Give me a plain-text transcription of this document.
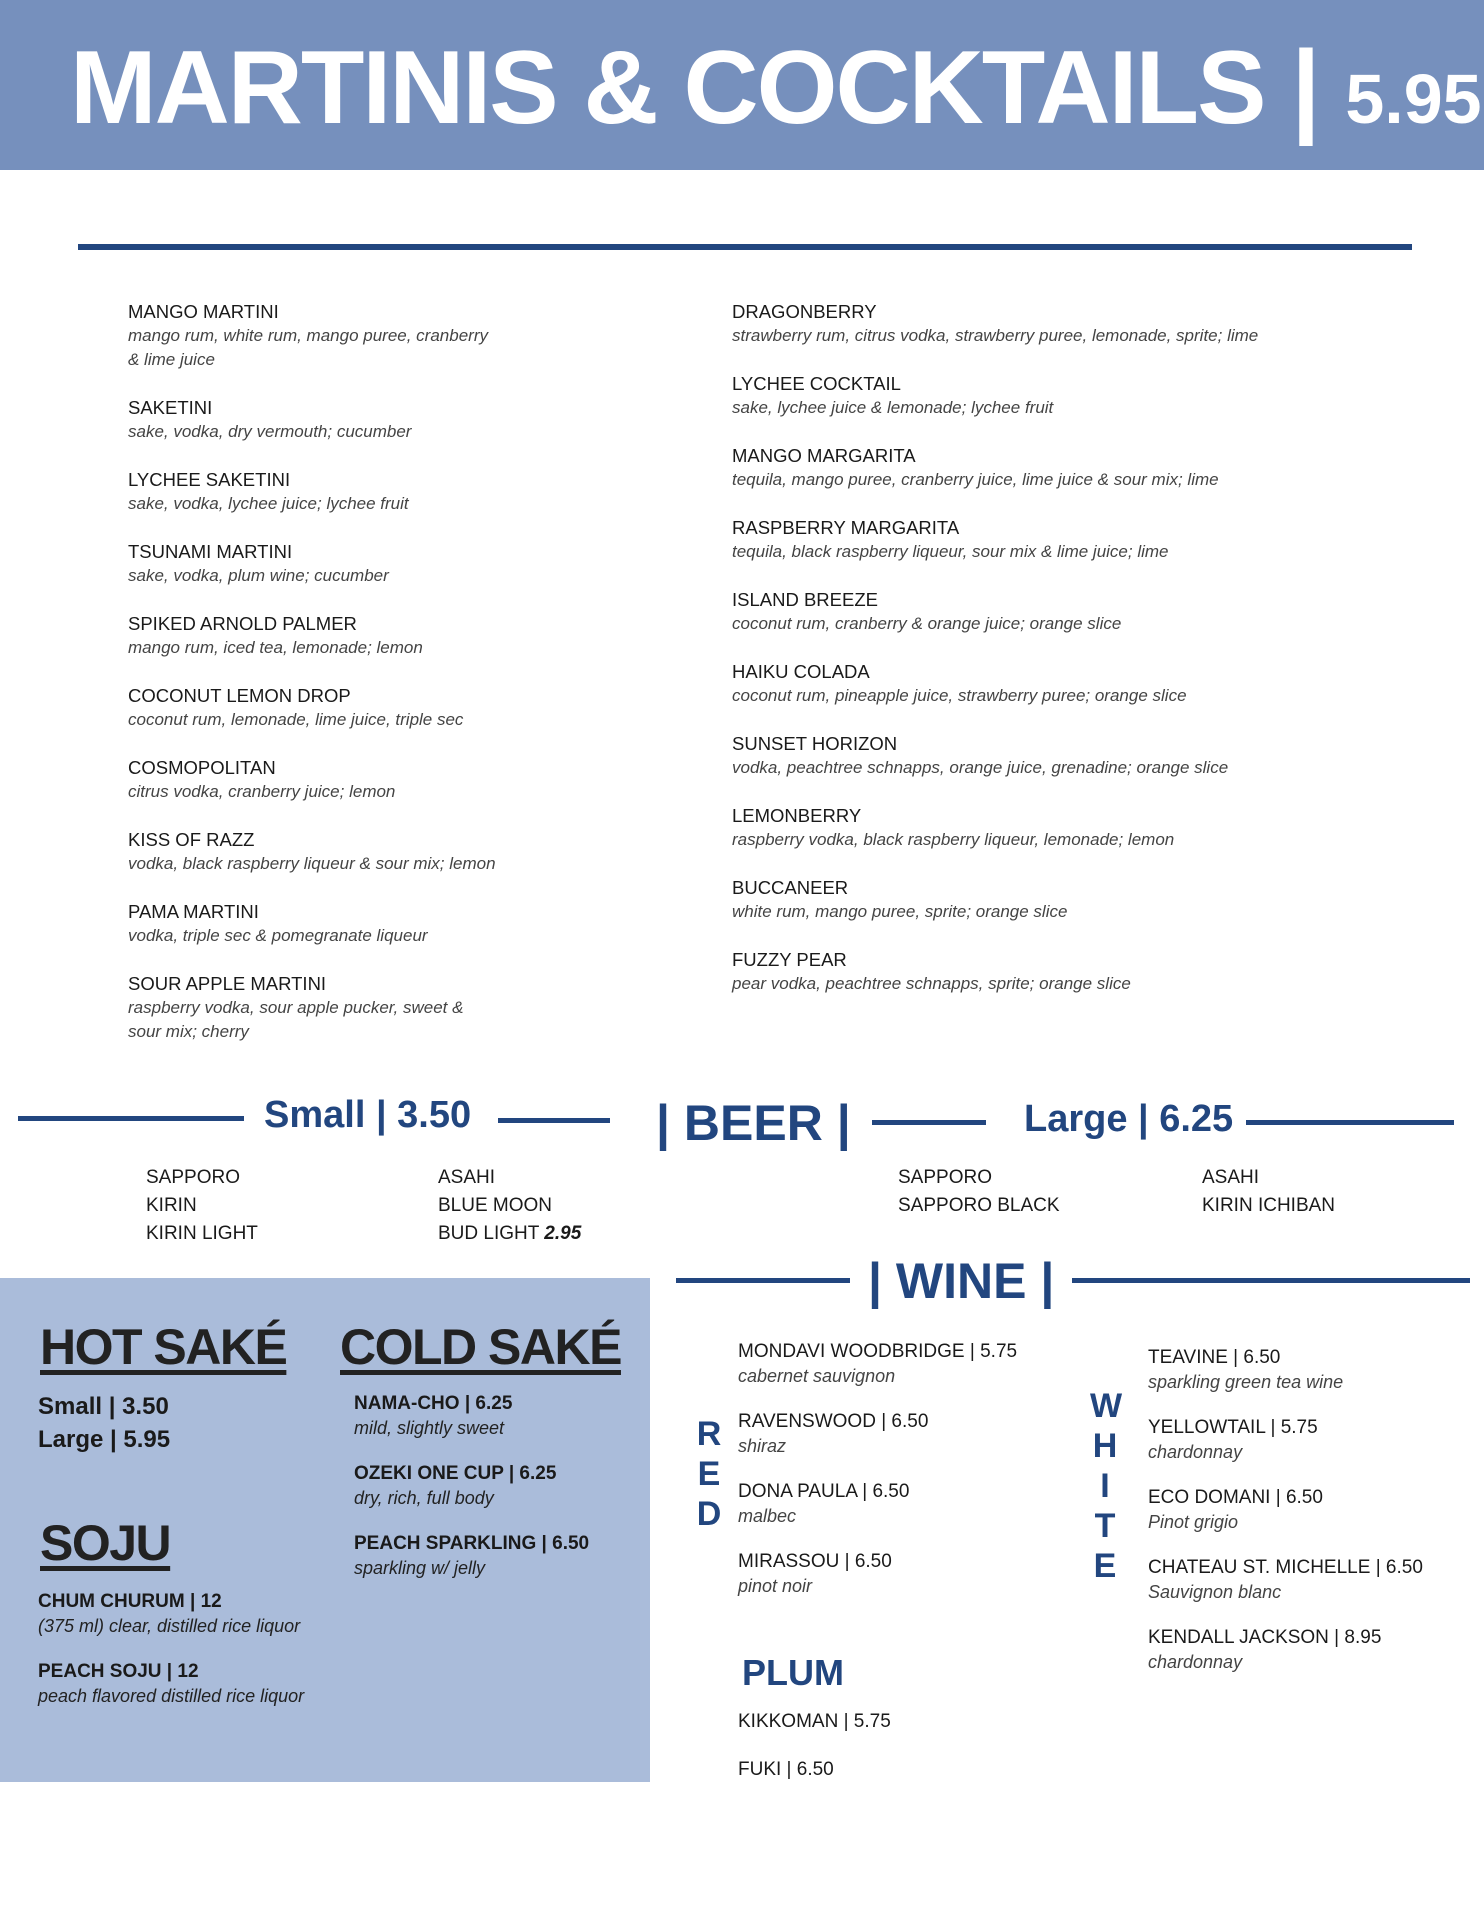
MARTINIS & COCKTAILS | 5.95
MANGO MARTINI
mango rum, white rum, mango puree, cranberry & lime juice
SAKETINI
sake, vodka, dry vermouth; cucumber
LYCHEE SAKETINI
sake, vodka, lychee juice; lychee fruit
TSUNAMI MARTINI
sake, vodka, plum wine; cucumber
SPIKED ARNOLD PALMER
mango rum, iced tea, lemonade; lemon
COCONUT LEMON DROP
coconut rum, lemonade, lime juice, triple sec
COSMOPOLITAN
citrus vodka, cranberry juice; lemon
KISS OF RAZZ
vodka, black raspberry liqueur & sour mix; lemon
PAMA MARTINI
vodka, triple sec & pomegranate liqueur
SOUR APPLE MARTINI
raspberry vodka, sour apple pucker, sweet & sour mix; cherry
DRAGONBERRY
strawberry rum, citrus vodka, strawberry puree, lemonade, sprite; lime
LYCHEE COCKTAIL
sake, lychee juice & lemonade; lychee fruit
MANGO MARGARITA
tequila, mango puree, cranberry juice, lime juice & sour mix; lime
RASPBERRY MARGARITA
tequila, black raspberry liqueur, sour mix & lime juice; lime
ISLAND BREEZE
coconut rum, cranberry & orange juice; orange slice
HAIKU COLADA
coconut rum, pineapple juice, strawberry puree; orange slice
SUNSET HORIZON
vodka, peachtree schnapps, orange juice, grenadine; orange slice
LEMONBERRY
raspberry vodka, black raspberry liqueur, lemonade; lemon
BUCCANEER
white rum, mango puree, sprite; orange slice
FUZZY PEAR
pear vodka, peachtree schnapps, sprite; orange slice
Small | 3.50	| BEER |	Large | 6.25
SAPPORO
KIRIN
KIRIN LIGHT
ASAHI
BLUE MOON
BUD LIGHT 2.95
SAPPORO
SAPPORO BLACK
ASAHI
KIRIN ICHIBAN
HOT SAKÉ
Small | 3.50
Large | 5.95
COLD SAKÉ
NAMA-CHO | 6.25
mild, slightly sweet
OZEKI ONE CUP | 6.25
dry, rich, full body
PEACH SPARKLING | 6.50
sparkling w/ jelly
SOJU
CHUM CHURUM | 12
(375 ml) clear, distilled rice liquor
PEACH SOJU | 12
peach flavored distilled rice liquor
| WINE |
R
E
D
MONDAVI WOODBRIDGE | 5.75
cabernet sauvignon
RAVENSWOOD | 6.50
shiraz
DONA PAULA | 6.50
malbec
MIRASSOU | 6.50
pinot noir
PLUM
KIKKOMAN | 5.75
FUKI | 6.50
W
H
I
T
E
TEAVINE | 6.50
sparkling green tea wine
YELLOWTAIL | 5.75
chardonnay
ECO DOMANI | 6.50
Pinot grigio
CHATEAU ST. MICHELLE | 6.50
Sauvignon blanc
KENDALL JACKSON | 8.95
chardonnay
